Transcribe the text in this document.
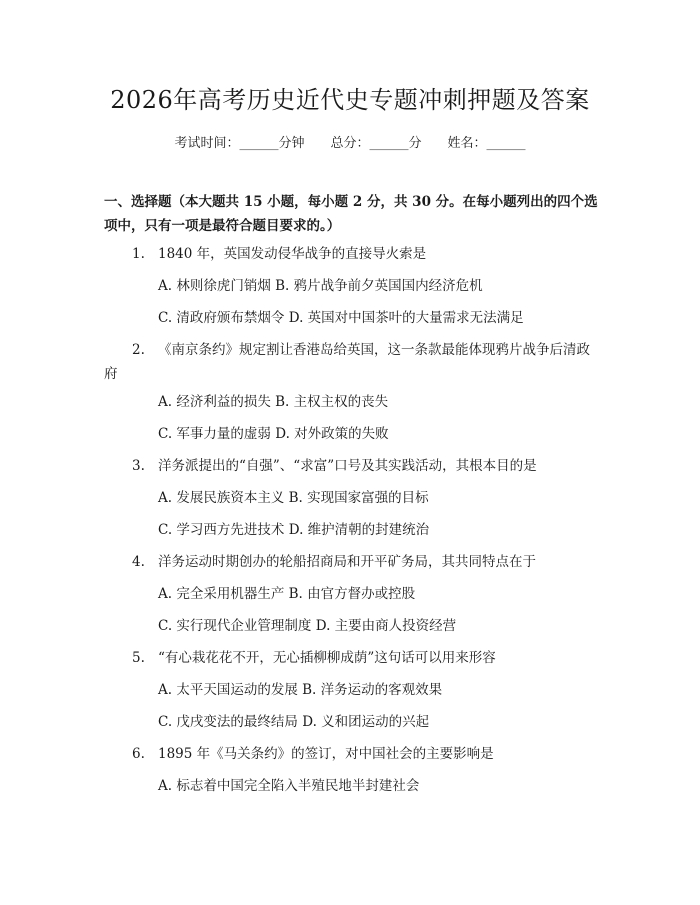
2026年高考历史近代史专题冲刺押题及答案
考试时间：______分钟 总分：______分 姓名：______
一、选择题（本大题共 15 小题，每小题 2 分，共 30 分。在每小题列出的四个选
项中，只有一项是最符合题目要求的。）
1. 1840 年，英国发动侵华战争的直接导火索是
A. 林则徐虎门销烟 B. 鸦片战争前夕英国国内经济危机
C. 清政府颁布禁烟令 D. 英国对中国茶叶的大量需求无法满足
2. 《南京条约》规定割让香港岛给英国，这一条款最能体现鸦片战争后清政
府
A. 经济利益的损失 B. 主权主权的丧失
C. 军事力量的虚弱 D. 对外政策的失败
3. 洋务派提出的“自强”、“求富”口号及其实践活动，其根本目的是
A. 发展民族资本主义 B. 实现国家富强的目标
C. 学习西方先进技术 D. 维护清朝的封建统治
4. 洋务运动时期创办的轮船招商局和开平矿务局，其共同特点在于
A. 完全采用机器生产 B. 由官方督办或控股
C. 实行现代企业管理制度 D. 主要由商人投资经营
5. “有心栽花花不开，无心插柳柳成荫”这句话可以用来形容
A. 太平天国运动的发展 B. 洋务运动的客观效果
C. 戊戌变法的最终结局 D. 义和团运动的兴起
6. 1895 年《马关条约》的签订，对中国社会的主要影响是
A. 标志着中国完全陷入半殖民地半封建社会
